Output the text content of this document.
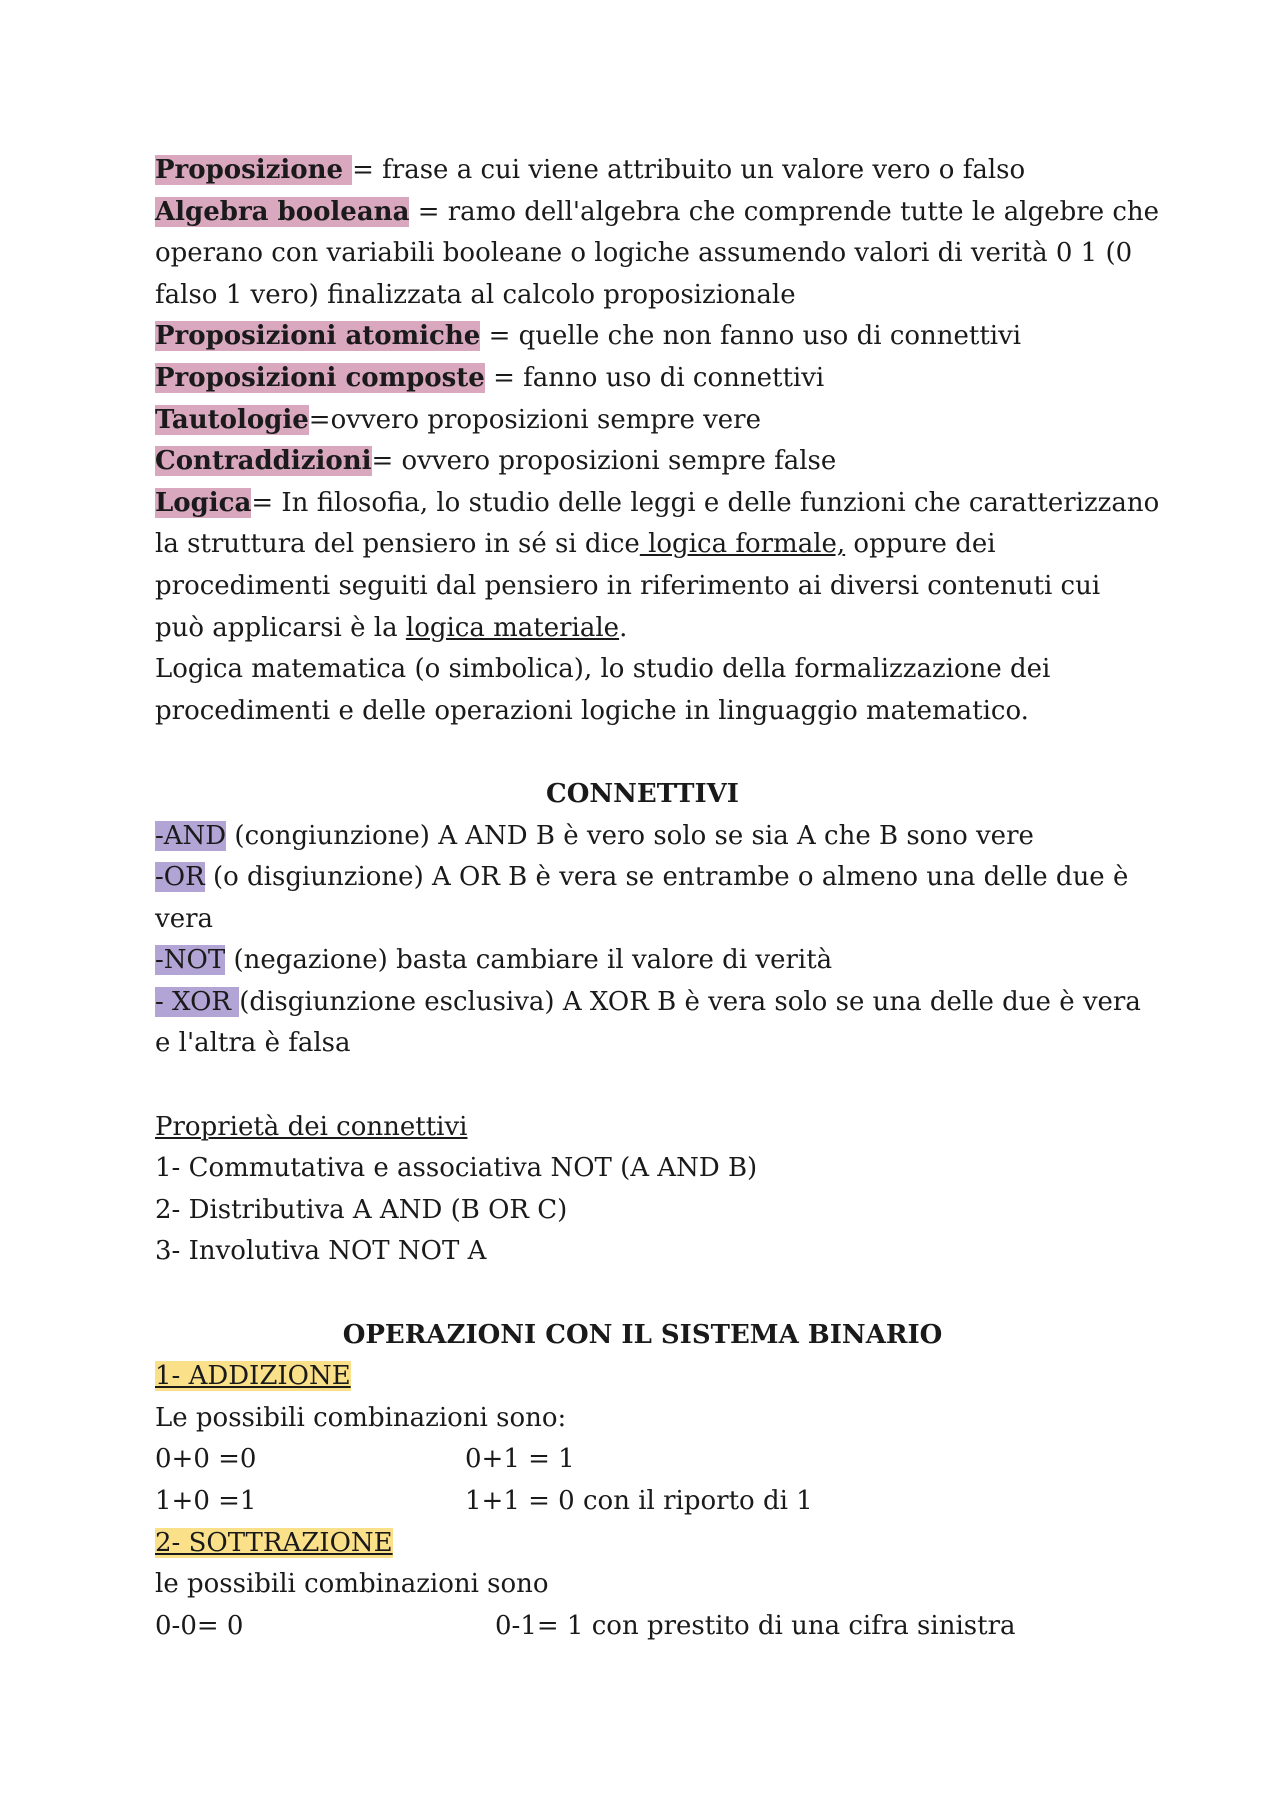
Proposizione = frase a cui viene attribuito un valore vero o falso
Algebra booleana = ramo dell'algebra che comprende tutte le algebre che
operano con variabili booleane o logiche assumendo valori di verità 0 1 (0
falso 1 vero) finalizzata al calcolo proposizionale
Proposizioni atomiche = quelle che non fanno uso di connettivi
Proposizioni composte = fanno uso di connettivi
Tautologie=ovvero proposizioni sempre vere
Contraddizioni= ovvero proposizioni sempre false
Logica= In filosofia, lo studio delle leggi e delle funzioni che caratterizzano
la struttura del pensiero in sé si dice logica formale, oppure dei
procedimenti seguiti dal pensiero in riferimento ai diversi contenuti cui
può applicarsi è la logica materiale.
Logica matematica (o simbolica), lo studio della formalizzazione dei
procedimenti e delle operazioni logiche in linguaggio matematico.
CONNETTIVI
-AND (congiunzione) A AND B è vero solo se sia A che B sono vere
-OR (o disgiunzione) A OR B è vera se entrambe o almeno una delle due è
vera
-NOT (negazione) basta cambiare il valore di verità
- XOR (disgiunzione esclusiva) A XOR B è vera solo se una delle due è vera
e l'altra è falsa
Proprietà dei connettivi
1- Commutativa e associativa NOT (A AND B)
2- Distributiva A AND (B OR C)
3- Involutiva NOT NOT A
OPERAZIONI CON IL SISTEMA BINARIO
1- ADDIZIONE
Le possibili combinazioni sono:
0+0 =0	0+1 = 1
1+0 =1	1+1 = 0 con il riporto di 1
2- SOTTRAZIONE
le possibili combinazioni sono
0-0= 0	0-1= 1 con prestito di una cifra sinistra
